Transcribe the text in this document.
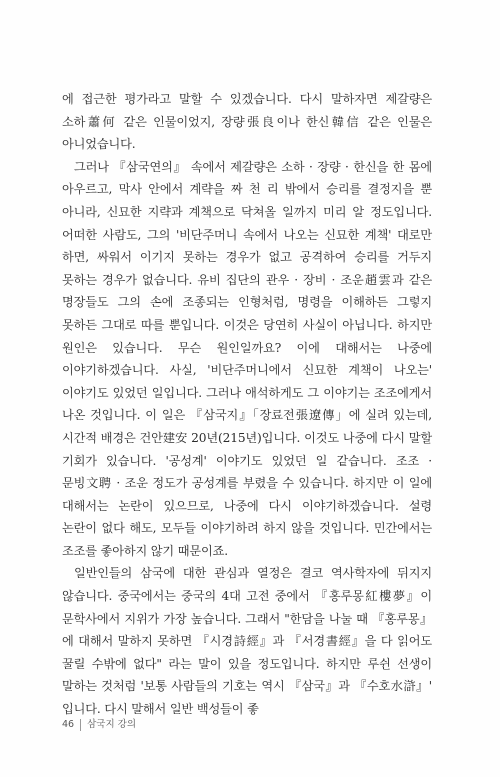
에 접근한 평가라고 말할 수 있겠습니다. 다시 말하자면 제갈량은 소하蕭何 같은 인물이었지, 장량張良이나 한신韓信 같은 인물은 아니었습니다.

그러나 『삼국연의』 속에서 제갈량은 소하 · 장량 · 한신을 한 몸에 아우르고, 막사 안에서 계략을 짜 천 리 밖에서 승리를 결정지을 뿐 아니라, 신묘한 지략과 계책으로 닥쳐올 일까지 미리 알 정도입니다. 어떠한 사람도, 그의 '비단주머니 속에서 나오는 신묘한 계책' 대로만 하면, 싸워서 이기지 못하는 경우가 없고 공격하여 승리를 거두지 못하는 경우가 없습니다. 유비 집단의 관우 · 장비 · 조운趙雲과 같은 명장들도 그의 손에 조종되는 인형처럼, 명령을 이해하든 그렇지 못하든 그대로 따를 뿐입니다. 이것은 당연히 사실이 아닙니다. 하지만 원인은 있습니다. 무슨 원인일까요? 이에 대해서는 나중에 이야기하겠습니다. 사실, '비단주머니에서 신묘한 계책이 나오는' 이야기도 있었던 일입니다. 그러나 애석하게도 그 이야기는 조조에게서 나온 것입니다. 이 일은 『삼국지』「장료전張遼傳」에 실려 있는데, 시간적 배경은 건안建安 20년(215년)입니다. 이것도 나중에 다시 말할 기회가 있습니다. '공성계' 이야기도 있었던 일 같습니다. 조조 · 문빙文聘 · 조운 정도가 공성계를 부렸을 수 있습니다. 하지만 이 일에 대해서는 논란이 있으므로, 나중에 다시 이야기하겠습니다. 설령 논란이 없다 해도, 모두들 이야기하려 하지 않을 것입니다. 민간에서는 조조를 좋아하지 않기 때문이죠.

일반인들의 삼국에 대한 관심과 열정은 결코 역사학자에 뒤지지 않습니다. 중국에서는 중국의 4대 고전 중에서 『홍루몽紅樓夢』이 문학사에서 지위가 가장 높습니다. 그래서 "한담을 나눌 때 『홍루몽』에 대해서 말하지 못하면 『시경詩經』과 『서경書經』을 다 읽어도 꿀릴 수밖에 없다" 라는 말이 있을 정도입니다. 하지만 루쉰 선생이 말하는 것처럼 '보통 사람들의 기호는 역시 『삼국』과 『수호水滸』' 입니다. 다시 말해서 일반 백성들이 좋

46	삼국지 강의
